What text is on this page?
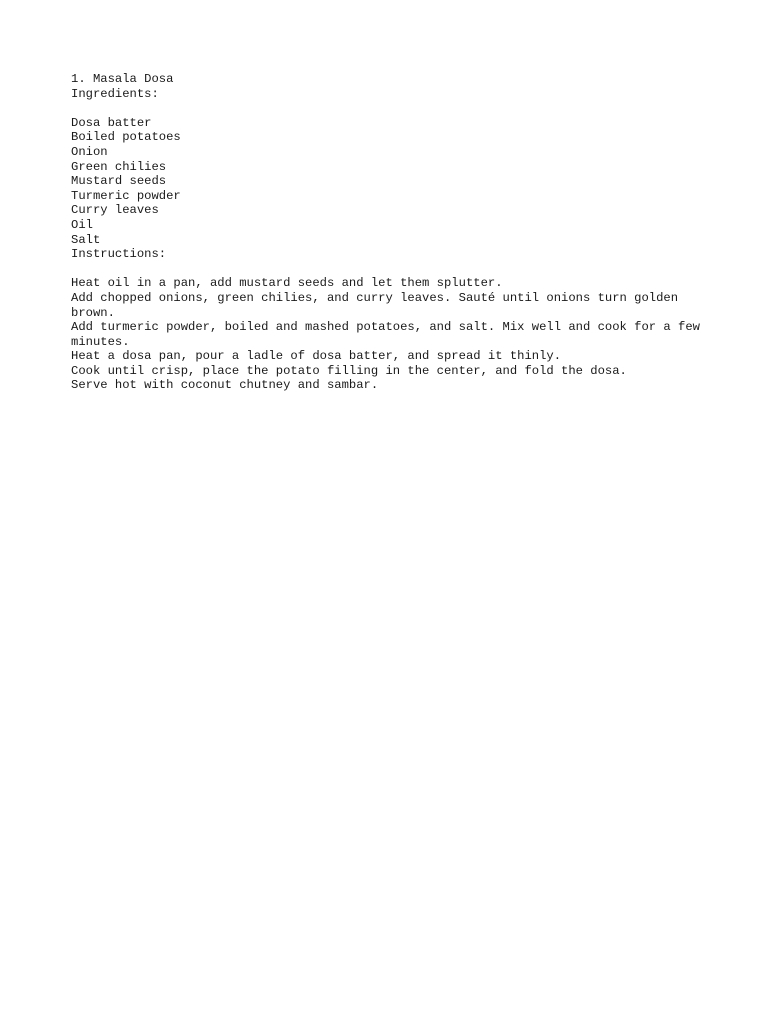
1. Masala Dosa
Ingredients:
Dosa batter
Boiled potatoes
Onion
Green chilies
Mustard seeds
Turmeric powder
Curry leaves
Oil
Salt
Instructions:
Heat oil in a pan, add mustard seeds and let them splutter.
Add chopped onions, green chilies, and curry leaves. Sauté until onions turn golden brown.
Add turmeric powder, boiled and mashed potatoes, and salt. Mix well and cook for a few minutes.
Heat a dosa pan, pour a ladle of dosa batter, and spread it thinly.
Cook until crisp, place the potato filling in the center, and fold the dosa.
Serve hot with coconut chutney and sambar.
